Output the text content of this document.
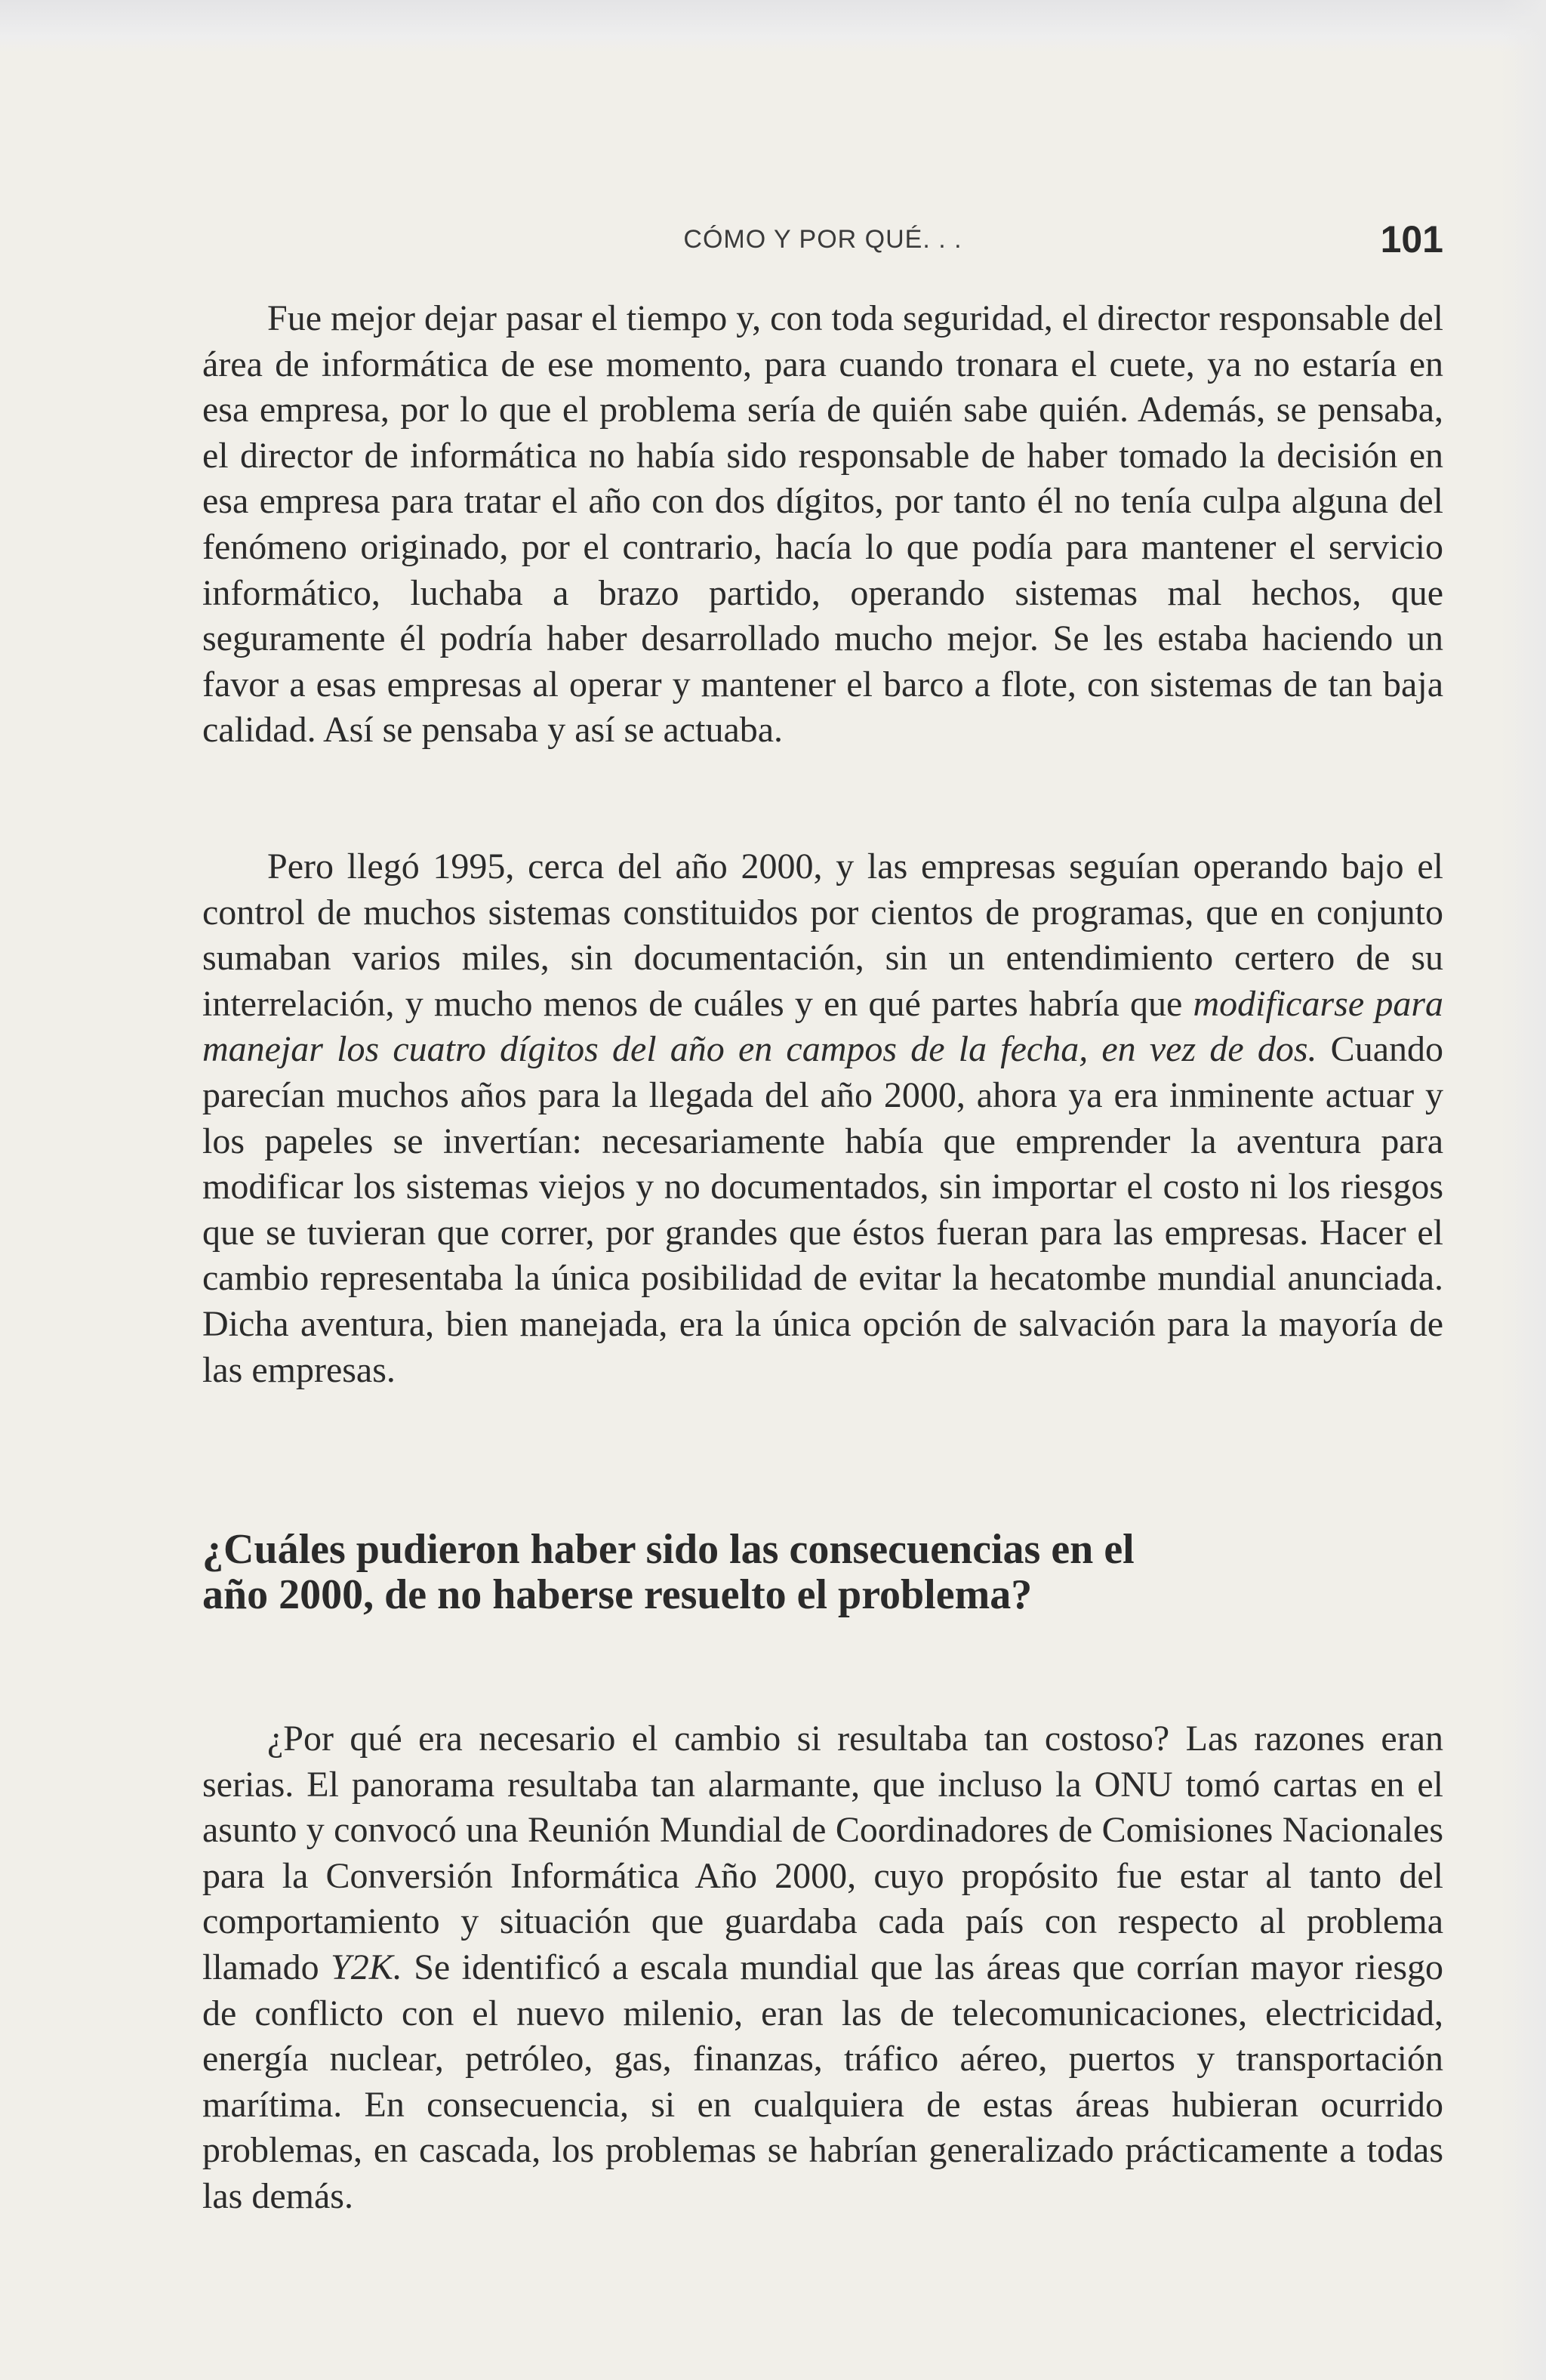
CÓMO Y POR QUÉ. . .	101

Fue mejor dejar pasar el tiempo y, con toda seguridad, el director responsable del área de informática de ese momento, para cuando tronara el cuete, ya no estaría en esa empresa, por lo que el problema sería de quién sabe quién. Además, se pensaba, el director de informática no había sido responsable de haber tomado la decisión en esa empresa para tratar el año con dos dígitos, por tanto él no tenía culpa alguna del fenómeno originado, por el contrario, hacía lo que podía para mantener el servicio informático, luchaba a brazo partido, operando sistemas mal hechos, que seguramente él podría haber desarrollado mucho mejor. Se les estaba haciendo un favor a esas empresas al operar y mantener el barco a flote, con sistemas de tan baja calidad. Así se pensaba y así se actuaba.

Pero llegó 1995, cerca del año 2000, y las empresas seguían operando bajo el control de muchos sistemas constituidos por cientos de programas, que en conjunto sumaban varios miles, sin documentación, sin un entendimiento certero de su interrelación, y mucho menos de cuáles y en qué partes habría que modificarse para manejar los cuatro dígitos del año en campos de la fecha, en vez de dos. Cuando parecían muchos años para la llegada del año 2000, ahora ya era inminente actuar y los papeles se invertían: necesariamente había que emprender la aventura para modificar los sistemas viejos y no documentados, sin importar el costo ni los riesgos que se tuvieran que correr, por grandes que éstos fueran para las empresas. Hacer el cambio representaba la única posibilidad de evitar la hecatombe mundial anunciada. Dicha aventura, bien manejada, era la única opción de salvación para la mayoría de las empresas.

¿Cuáles pudieron haber sido las consecuencias en el año 2000, de no haberse resuelto el problema?

¿Por qué era necesario el cambio si resultaba tan costoso? Las razones eran serias. El panorama resultaba tan alarmante, que incluso la ONU tomó cartas en el asunto y convocó una Reunión Mundial de Coordinadores de Comisiones Nacionales para la Conversión Informática Año 2000, cuyo propósito fue estar al tanto del comportamiento y situación que guardaba cada país con respecto al problema llamado Y2K. Se identificó a escala mundial que las áreas que corrían mayor riesgo de conflicto con el nuevo milenio, eran las de telecomunicaciones, electricidad, energía nuclear, petróleo, gas, finanzas, tráfico aéreo, puertos y transportación marítima. En consecuencia, si en cualquiera de estas áreas hubieran ocurrido problemas, en cascada, los problemas se habrían generalizado prácticamente a todas las demás.
